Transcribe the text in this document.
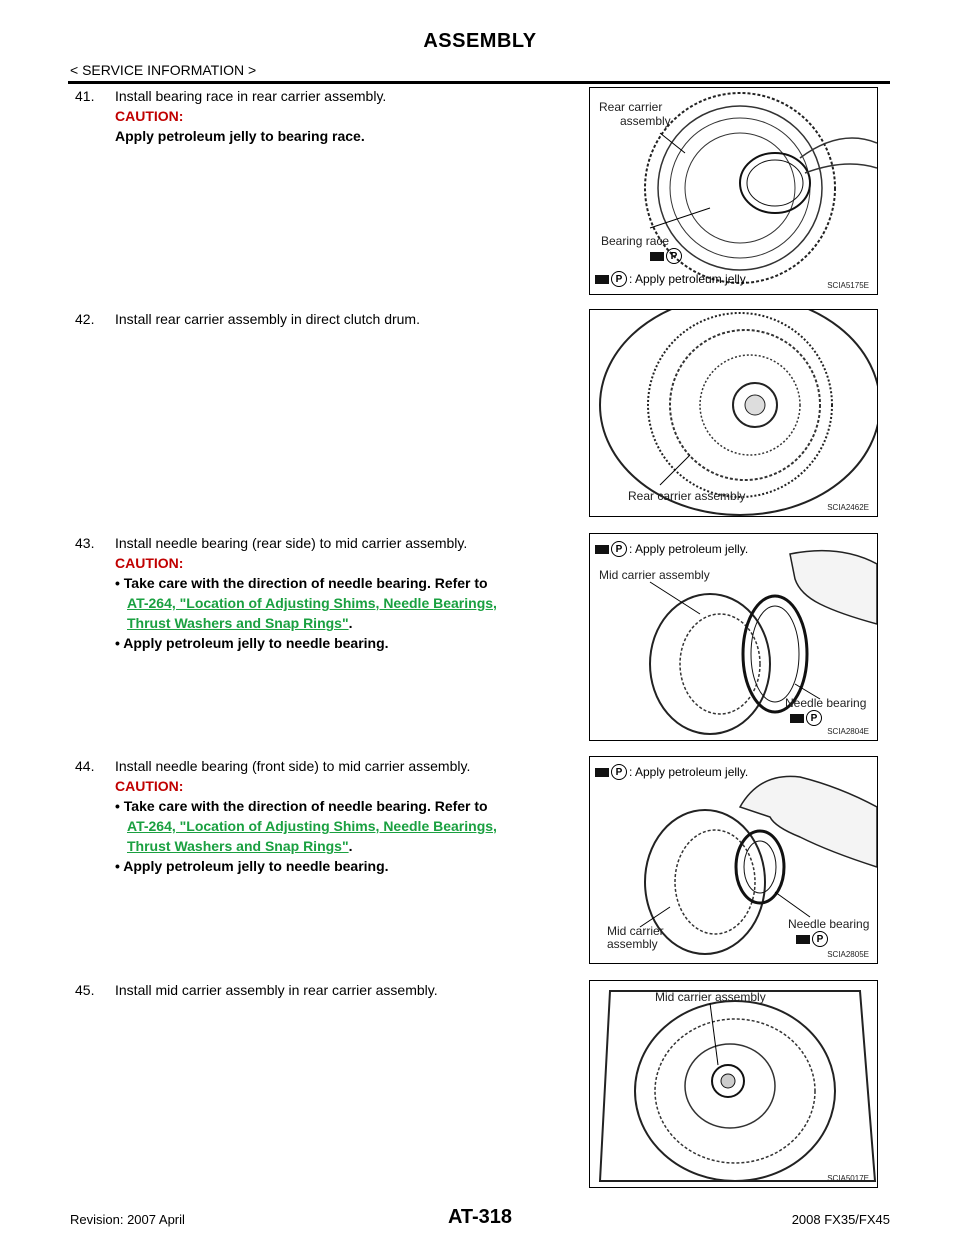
ASSEMBLY
< SERVICE INFORMATION >
41. Install bearing race in rear carrier assembly.
CAUTION:
Apply petroleum jelly to bearing race.
42. Install rear carrier assembly in direct clutch drum.
43. Install needle bearing (rear side) to mid carrier assembly.
CAUTION:
• Take care with the direction of needle bearing. Refer to
AT-264, "Location of Adjusting Shims, Needle Bearings,
Thrust Washers and Snap Rings".
• Apply petroleum jelly to needle bearing.
44. Install needle bearing (front side) to mid carrier assembly.
CAUTION:
• Take care with the direction of needle bearing. Refer to
AT-264, "Location of Adjusting Shims, Needle Bearings,
Thrust Washers and Snap Rings".
• Apply petroleum jelly to needle bearing.
45. Install mid carrier assembly in rear carrier assembly.
Rear carrier
assembly
Bearing race
P
P : Apply petroleum jelly.	SCIA5175E
Rear carrier assembly
SCIA2462E
P : Apply petroleum jelly.
Mid carrier assembly
Needle bearing
P
SCIA2804E
P : Apply petroleum jelly.
Mid carrier
assembly
Needle bearing
P
SCIA2805E
Mid carrier assembly
SCIA5017E
Revision: 2007 April	AT-318	2008 FX35/FX45
